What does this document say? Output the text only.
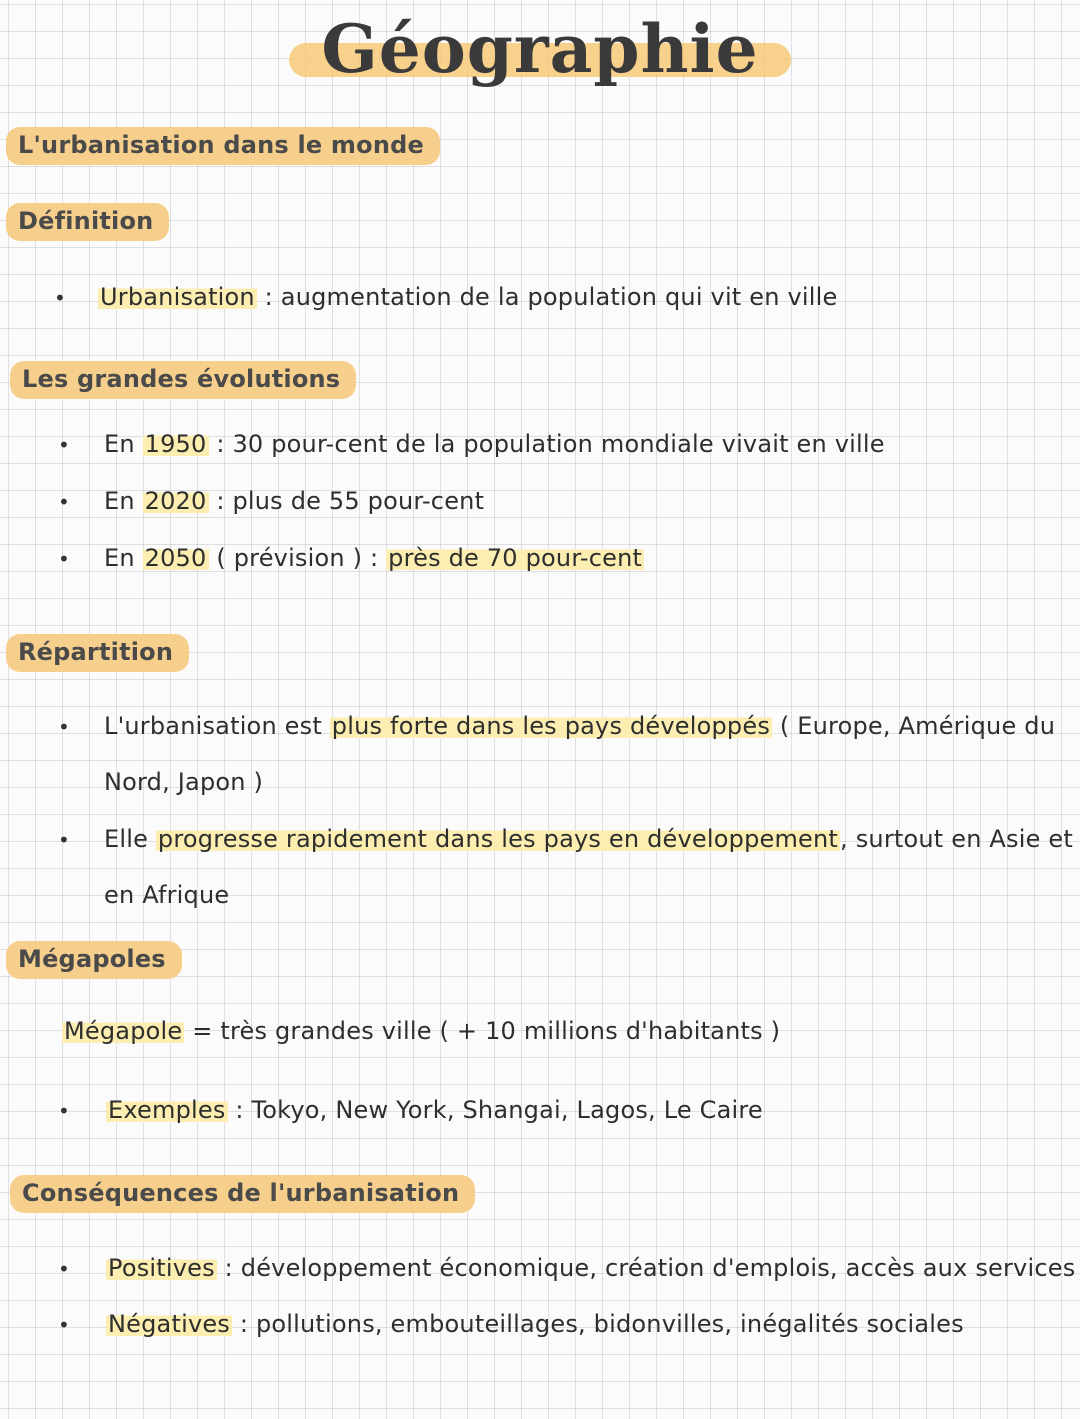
Géographie
L'urbanisation dans le monde
Définition
• Urbanisation : augmentation de la population qui vit en ville
Les grandes évolutions
• En 1950 : 30 pour-cent de la population mondiale vivait en ville
• En 2020 : plus de 55 pour-cent
• En 2050 ( prévision ) : près de 70 pour-cent
Répartition
• L'urbanisation est plus forte dans les pays développés ( Europe, Amérique du
Nord, Japon )
• Elle progresse rapidement dans les pays en développement, surtout en Asie et
en Afrique
Mégapoles
Mégapole = très grandes ville ( + 10 millions d'habitants )
• Exemples : Tokyo, New York, Shangai, Lagos, Le Caire
Conséquences de l'urbanisation
• Positives : développement économique, création d'emplois, accès aux services
• Négatives : pollutions, embouteillages, bidonvilles, inégalités sociales
